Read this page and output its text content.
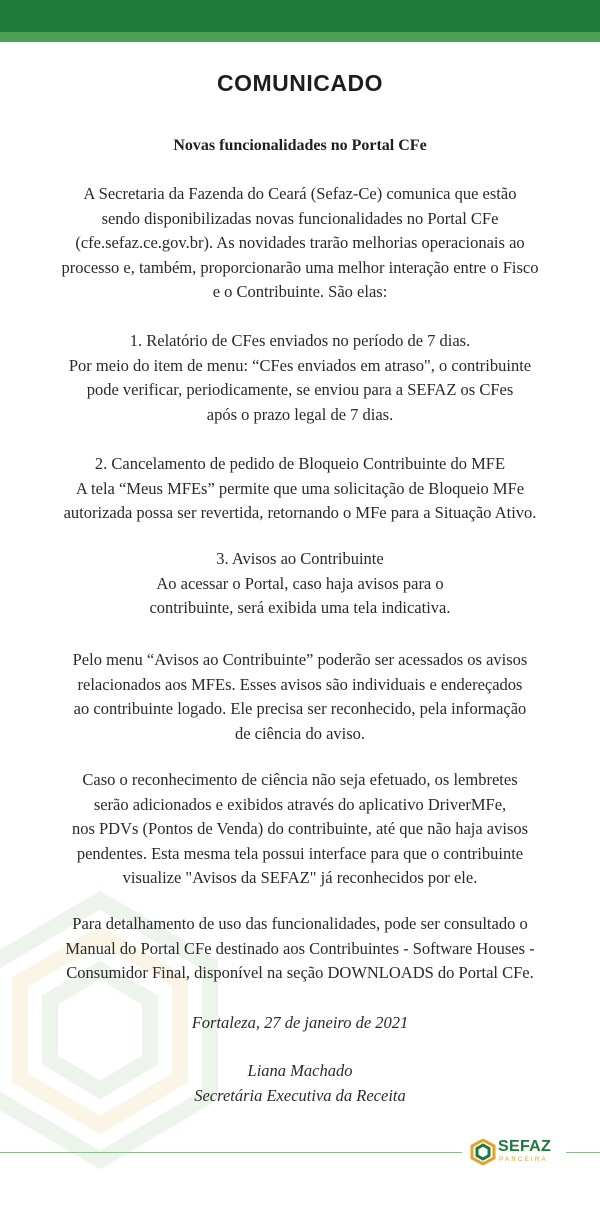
COMUNICADO

Novas funcionalidades no Portal CFe

A Secretaria da Fazenda do Ceará (Sefaz-Ce) comunica que estão
sendo disponibilizadas novas funcionalidades no Portal CFe
(cfe.sefaz.ce.gov.br). As novidades trarão melhorias operacionais ao
processo e, também, proporcionarão uma melhor interação entre o Fisco
e o Contribuinte. São elas:
1. Relatório de CFes enviados no período de 7 dias.
Por meio do item de menu: “CFes enviados em atraso", o contribuinte
pode verificar, periodicamente, se enviou para a SEFAZ os CFes
após o prazo legal de 7 dias.
2. Cancelamento de pedido de Bloqueio Contribuinte do MFE
A tela “Meus MFEs” permite que uma solicitação de Bloqueio MFe
autorizada possa ser revertida, retornando o MFe para a Situação Ativo.
3. Avisos ao Contribuinte
Ao acessar o Portal, caso haja avisos para o
contribuinte, será exibida uma tela indicativa.
Pelo menu “Avisos ao Contribuinte” poderão ser acessados os avisos
relacionados aos MFEs. Esses avisos são individuais e endereçados
ao contribuinte logado. Ele precisa ser reconhecido, pela informação
de ciência do aviso.
Caso o reconhecimento de ciência não seja efetuado, os lembretes
serão adicionados e exibidos através do aplicativo DriverMFe,
nos PDVs (Pontos de Venda) do contribuinte, até que não haja avisos
pendentes. Esta mesma tela possui interface para que o contribuinte
visualize "Avisos da SEFAZ" já reconhecidos por ele.
Para detalhamento de uso das funcionalidades, pode ser consultado o
Manual do Portal CFe destinado aos Contribuintes - Software Houses -
Consumidor Final, disponível na seção DOWNLOADS do Portal CFe.
Fortaleza, 27 de janeiro de 2021
Liana Machado
Secretária Executiva da Receita
SEFAZ
PARCEIRA
